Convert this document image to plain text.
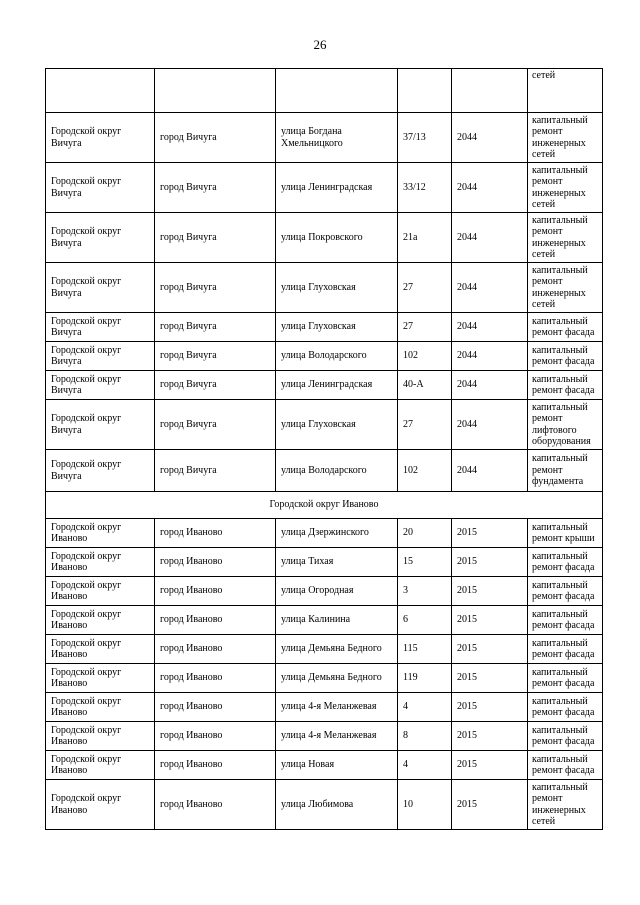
26
					сетей
Городской округ Вичуга	город Вичуга	улица Богдана Хмельницкого	37/13	2044	капитальный ремонт инженерных сетей
Городской округ Вичуга	город Вичуга	улица Ленинградская	33/12	2044	капитальный ремонт инженерных сетей
Городской округ Вичуга	город Вичуга	улица Покровского	21а	2044	капитальный ремонт инженерных сетей
Городской округ Вичуга	город Вичуга	улица Глуховская	27	2044	капитальный ремонт инженерных сетей
Городской округ Вичуга	город Вичуга	улица Глуховская	27	2044	капитальный ремонт фасада
Городской округ Вичуга	город Вичуга	улица Володарского	102	2044	капитальный ремонт фасада
Городской округ Вичуга	город Вичуга	улица Ленинградская	40-А	2044	капитальный ремонт фасада
Городской округ Вичуга	город Вичуга	улица Глуховская	27	2044	капитальный ремонт лифтового оборудования
Городской округ Вичуга	город Вичуга	улица Володарского	102	2044	капитальный ремонт фундамента
Городской округ Иваново					
Городской округ Иваново	город Иваново	улица Дзержинского	20	2015	капитальный ремонт крыши
Городской округ Иваново	город Иваново	улица Тихая	15	2015	капитальный ремонт фасада
Городской округ Иваново	город Иваново	улица Огородная	3	2015	капитальный ремонт фасада
Городской округ Иваново	город Иваново	улица Калинина	6	2015	капитальный ремонт фасада
Городской округ Иваново	город Иваново	улица Демьяна Бедного	115	2015	капитальный ремонт фасада
Городской округ Иваново	город Иваново	улица Демьяна Бедного	119	2015	капитальный ремонт фасада
Городской округ Иваново	город Иваново	улица 4-я Меланжевая	4	2015	капитальный ремонт фасада
Городской округ Иваново	город Иваново	улица 4-я Меланжевая	8	2015	капитальный ремонт фасада
Городской округ Иваново	город Иваново	улица Новая	4	2015	капитальный ремонт фасада
Городской округ Иваново	город Иваново	улица Любимова	10	2015	капитальный ремонт инженерных сетей
